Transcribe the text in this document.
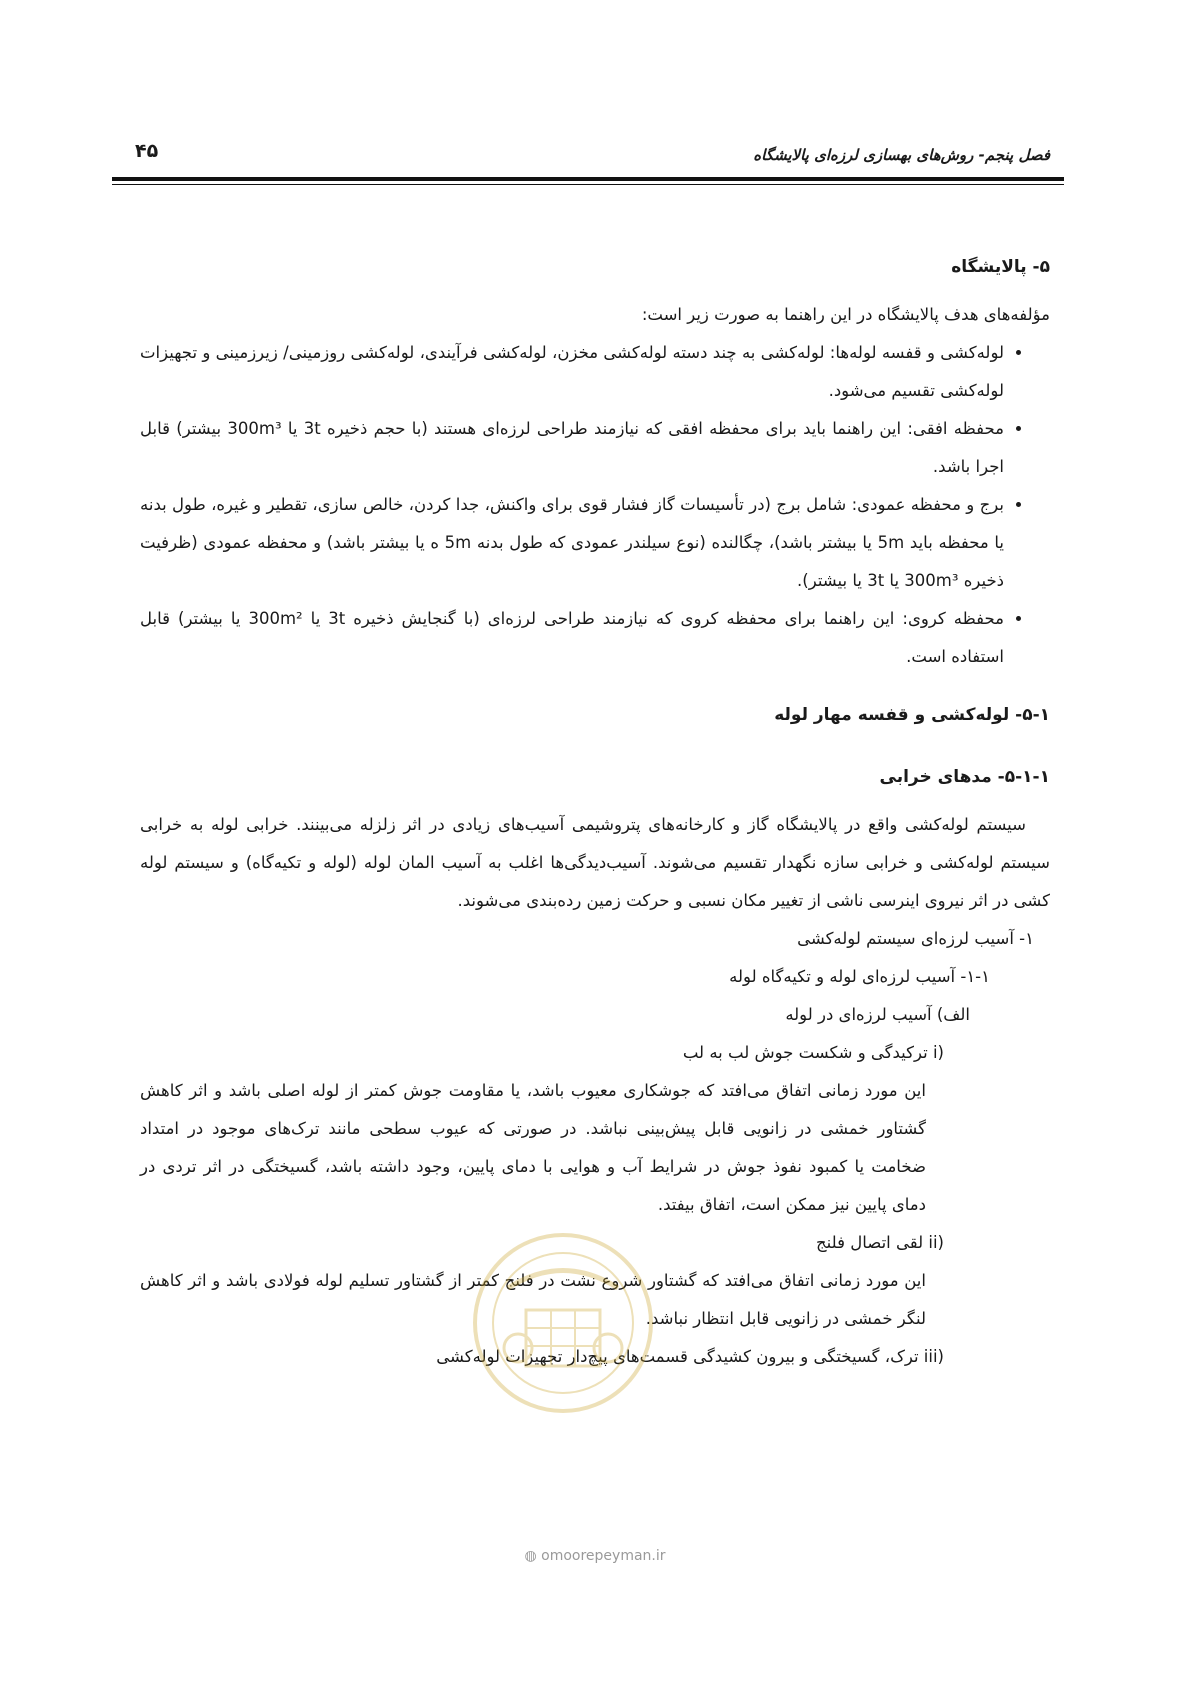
فصل پنجم- روش‌های بهسازی لرزه‌ای پالایشگاه
۴۵
۵- پالایشگاه

مؤلفه‌های هدف پالایشگاه در این راهنما به صورت زیر است:

• لوله‌کشی و قفسه لوله‌ها: لوله‌کشی به چند دسته لوله‌کشی مخزن، لوله‌کشی فرآیندی، لوله‌کشی روزمینی/ زیرزمینی و تجهیزات لوله‌کشی تقسیم می‌شود.
• محفظه افقی: این راهنما باید برای محفظه افقی که نیازمند طراحی لرزه‌ای هستند (با حجم ذخیره 3t یا 300m³ بیشتر) قابل اجرا باشد.
• برج و محفظه عمودی: شامل برج (در تأسیسات گاز فشار قوی برای واکنش، جدا کردن، خالص سازی، تقطیر و غیره، طول بدنه یا محفظه باید 5m یا بیشتر باشد)، چگالنده (نوع سیلندر عمودی که طول بدنه 5m ه یا بیشتر باشد) و محفظه عمودی (ظرفیت ذخیره 300m³ یا 3t یا بیشتر).
• محفظه کروی: این راهنما برای محفظه کروی که نیازمند طراحی لرزه‌ای (با گنجایش ذخیره 3t یا 300m² یا بیشتر) قابل استفاده است.
۵-۱- لوله‌کشی و قفسه مهار لوله
۵-۱-۱- مدهای خرابی

سیستم لوله‌کشی واقع در پالایشگاه گاز و کارخانه‌های پتروشیمی آسیب‌های زیادی در اثر زلزله می‌بینند. خرابی لوله به خرابی سیستم لوله‌کشی و خرابی سازه نگهدار تقسیم می‌شوند. آسیب‌دیدگی‌ها اغلب به آسیب المان لوله (لوله و تکیه‌گاه) و سیستم لوله کشی در اثر نیروی اینرسی ناشی از تغییر مکان نسبی و حرکت زمین رده‌بندی می‌شوند.

۱- آسیب لرزه‌ای سیستم لوله‌کشی

۱-۱- آسیب لرزه‌ای لوله و تکیه‌گاه لوله

الف) آسیب لرزه‌ای در لوله

i) ترکیدگی و شکست جوش لب به لب

این مورد زمانی اتفاق می‌افتد که جوشکاری معیوب باشد، یا مقاومت جوش کمتر از لوله اصلی باشد و اثر کاهش گشتاور خمشی در زانویی قابل پیش‌بینی نباشد. در صورتی که عیوب سطحی مانند ترک‌های موجود در امتداد ضخامت یا کمبود نفوذ جوش در شرایط آب و هوایی با دمای پایین، وجود داشته باشد، گسیختگی در اثر تردی در دمای پایین نیز ممکن است، اتفاق بیفتد.

ii) لقی اتصال فلنج

این مورد زمانی اتفاق می‌افتد که گشتاور شروع نشت در فلنج کمتر از گشتاور تسلیم لوله فولادی باشد و اثر کاهش لنگر خمشی در زانویی قابل انتظار نباشد.

iii) ترک، گسیختگی و بیرون کشیدگی قسمت‌های پیچ‌دار تجهیزات لوله‌کشی

◍ omoorepeyman.ir
